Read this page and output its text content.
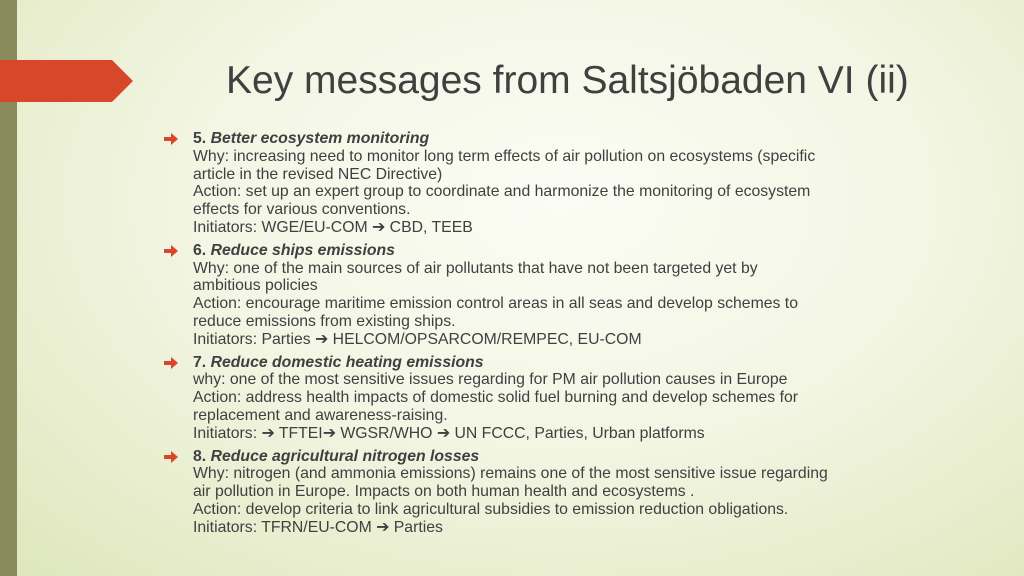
Key messages from Saltsjöbaden VI (ii)
5. Better ecosystem monitoring
Why: increasing need to monitor long term effects of air pollution on ecosystems (specific
article in the revised NEC Directive)
Action: set up an expert group to coordinate and harmonize the monitoring of ecosystem
effects for various conventions.
Initiators: WGE/EU-COM ➔ CBD, TEEB
6. Reduce ships emissions
Why: one of the main sources of air pollutants that have not been targeted yet by
ambitious policies
Action: encourage maritime emission control areas in all seas and develop schemes to
reduce emissions from existing ships.
Initiators: Parties ➔ HELCOM/OPSARCOM/REMPEC, EU-COM
7. Reduce domestic heating emissions
why: one of the most sensitive issues regarding for PM air pollution causes in Europe
Action: address health impacts of domestic solid fuel burning and develop schemes for
replacement and awareness-raising.
Initiators: ➔ TFTEI➔ WGSR/WHO ➔ UN FCCC, Parties, Urban platforms
8. Reduce agricultural nitrogen losses
Why: nitrogen (and ammonia emissions) remains one of the most sensitive issue regarding
air pollution in Europe. Impacts on both human health and ecosystems .
Action: develop criteria to link agricultural subsidies to emission reduction obligations.
Initiators: TFRN/EU-COM ➔ Parties
